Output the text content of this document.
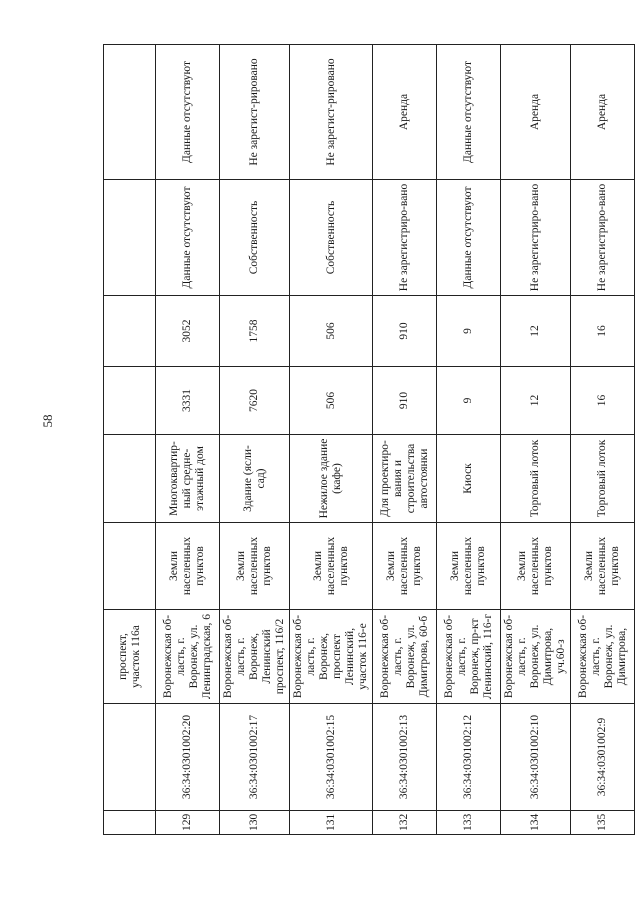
58
		проспект, участок 116а						
129	36:34:0301002:20	Воронежская об-ласть, г. Воронеж, ул. Ленинградская, 6	Земли населенных пунктов	Многоквартир-ный средне-этажный дом	3331	3052	Данные отсутствуют	Данные отсутствуют
130	36:34:0301002:17	Воронежская об-ласть, г. Воронеж, Ленинский проспект, 116/2	Земли населенных пунктов	Здание (ясли-сад)	7620	1758	Собственность	Не зарегист-рировано
131	36:34:0301002:15	Воронежская об-ласть, г. Воронеж, проспект Ленинский, участок 116-е	Земли населенных пунктов	Нежилое здание (кафе)	506	506	Собственность	Не зарегист-рировано
132	36:34:0301002:13	Воронежская об-ласть, г. Воронеж, ул. Димитрова, 60-б	Земли населенных пунктов	Для проектиро-вания и строительства автостоянки	910	910	Не зарегистриро-вано	Аренда
133	36:34:0301002:12	Воронежская об-ласть, г. Воронеж, пр-кт Ленинский, 116-г	Земли населенных пунктов	Киоск	9	9	Данные отсутствуют	Данные отсутствуют
134	36:34:0301002:10	Воронежская об-ласть, г. Воронеж, ул. Димитрова, уч.60-з	Земли населенных пунктов	Торговый лоток	12	12	Не зарегистриро-вано	Аренда
135	36:34:0301002:9	Воронежская об-ласть, г. Воронеж, ул. Димитрова,	Земли населенных пунктов	Торговый лоток	16	16	Не зарегистриро-вано	Аренда
